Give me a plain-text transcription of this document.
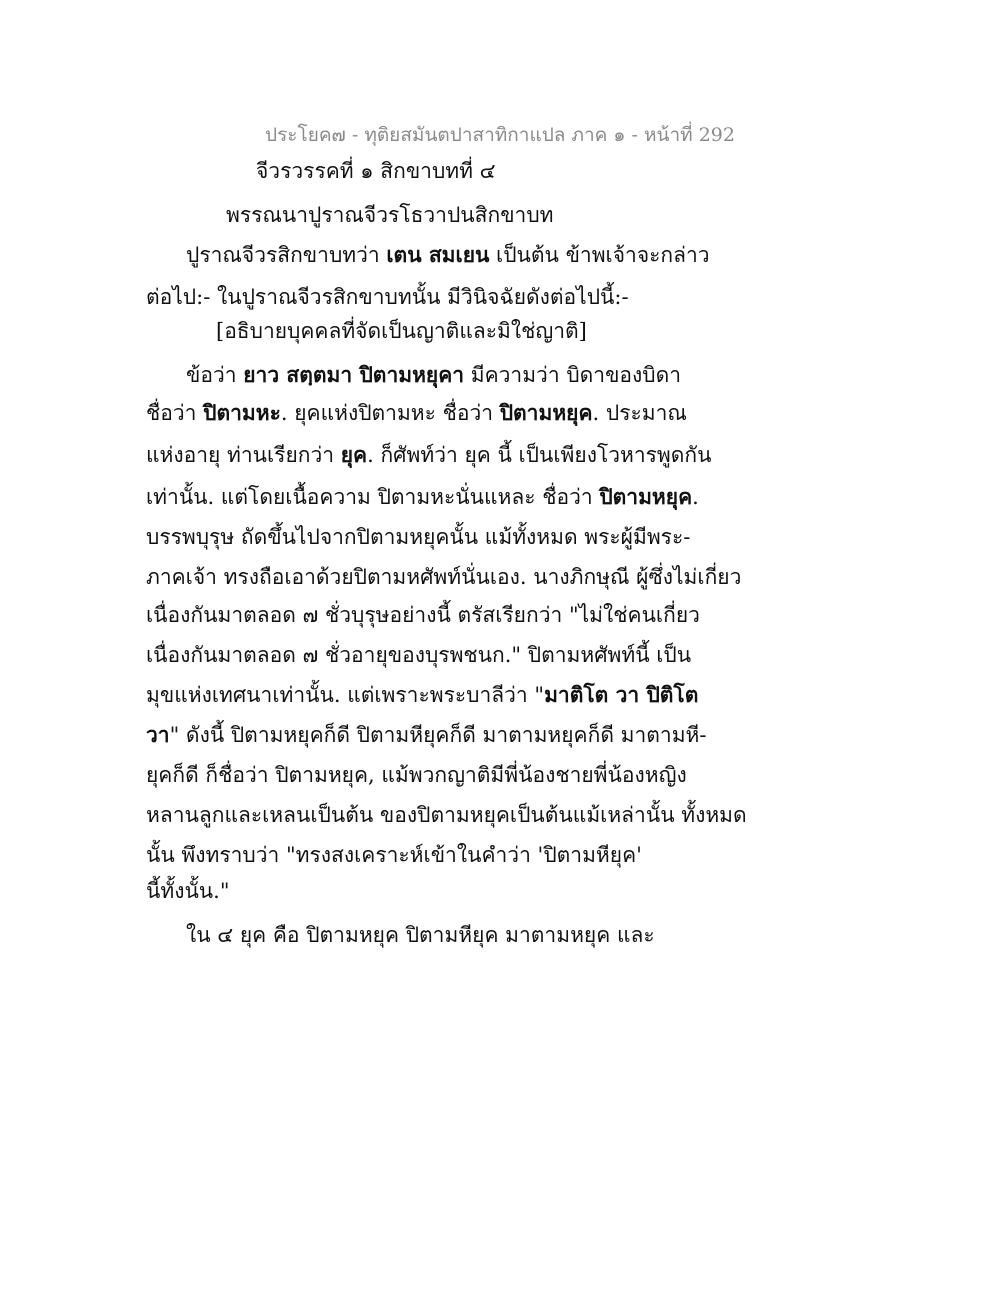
ประโยค๗ - ทุติยสมันตปาสาทิกาแปล ภาค ๑ - หน้าที่ 292
จีวรวรรคที่ ๑ สิกขาบทที่ ๔
พรรณนาปูราณจีวรโธวาปนสิกขาบท
ปูราณจีวรสิกขาบทว่า เตน สมเยน เป็นต้น ข้าพเจ้าจะกล่าว
ต่อไป:- ในปูราณจีวรสิกขาบทนั้น มีวินิจฉัยดังต่อไปนี้:-
[อธิบายบุคคลที่จัดเป็นญาติและมิใช่ญาติ]
ข้อว่า ยาว สตฺตมา ปิตามหยุคา มีความว่า บิดาของบิดา
ชื่อว่า ปิตามหะ. ยุคแห่งปิตามหะ ชื่อว่า ปิตามหยุค. ประมาณ
แห่งอายุ ท่านเรียกว่า ยุค. ก็ศัพท์ว่า ยุค นี้ เป็นเพียงโวหารพูดกัน
เท่านั้น. แต่โดยเนื้อความ ปิตามหะนั่นแหละ ชื่อว่า ปิตามหยุค.
บรรพบุรุษ ถัดขึ้นไปจากปิตามหยุคนั้น แม้ทั้งหมด พระผู้มีพระ-
ภาคเจ้า ทรงถือเอาด้วยปิตามหศัพท์นั่นเอง. นางภิกษุณี ผู้ซึ่งไม่เกี่ยว
เนื่องกันมาตลอด ๗ ชั่วบุรุษอย่างนี้ ตรัสเรียกว่า "ไม่ใช่คนเกี่ยว
เนื่องกันมาตลอด ๗ ชั่วอายุของบุรพชนก." ปิตามหศัพท์นี้ เป็น
มุขแห่งเทศนาเท่านั้น. แต่เพราะพระบาลีว่า "มาติโต วา ปิติโต
วา" ดังนี้ ปิตามหยุคก็ดี ปิตามหียุคก็ดี มาตามหยุคก็ดี มาตามหี-
ยุคก็ดี ก็ชื่อว่า ปิตามหยุค, แม้พวกญาติมีพี่น้องชายพี่น้องหญิง
หลานลูกและเหลนเป็นต้น ของปิตามหยุคเป็นต้นแม้เหล่านั้น ทั้งหมด
นั้น พึงทราบว่า "ทรงสงเคราะห์เข้าในคำว่า 'ปิตามหียุค'
นี้ทั้งนั้น."
ใน ๔ ยุค คือ ปิตามหยุค ปิตามหียุค มาตามหยุค และ
